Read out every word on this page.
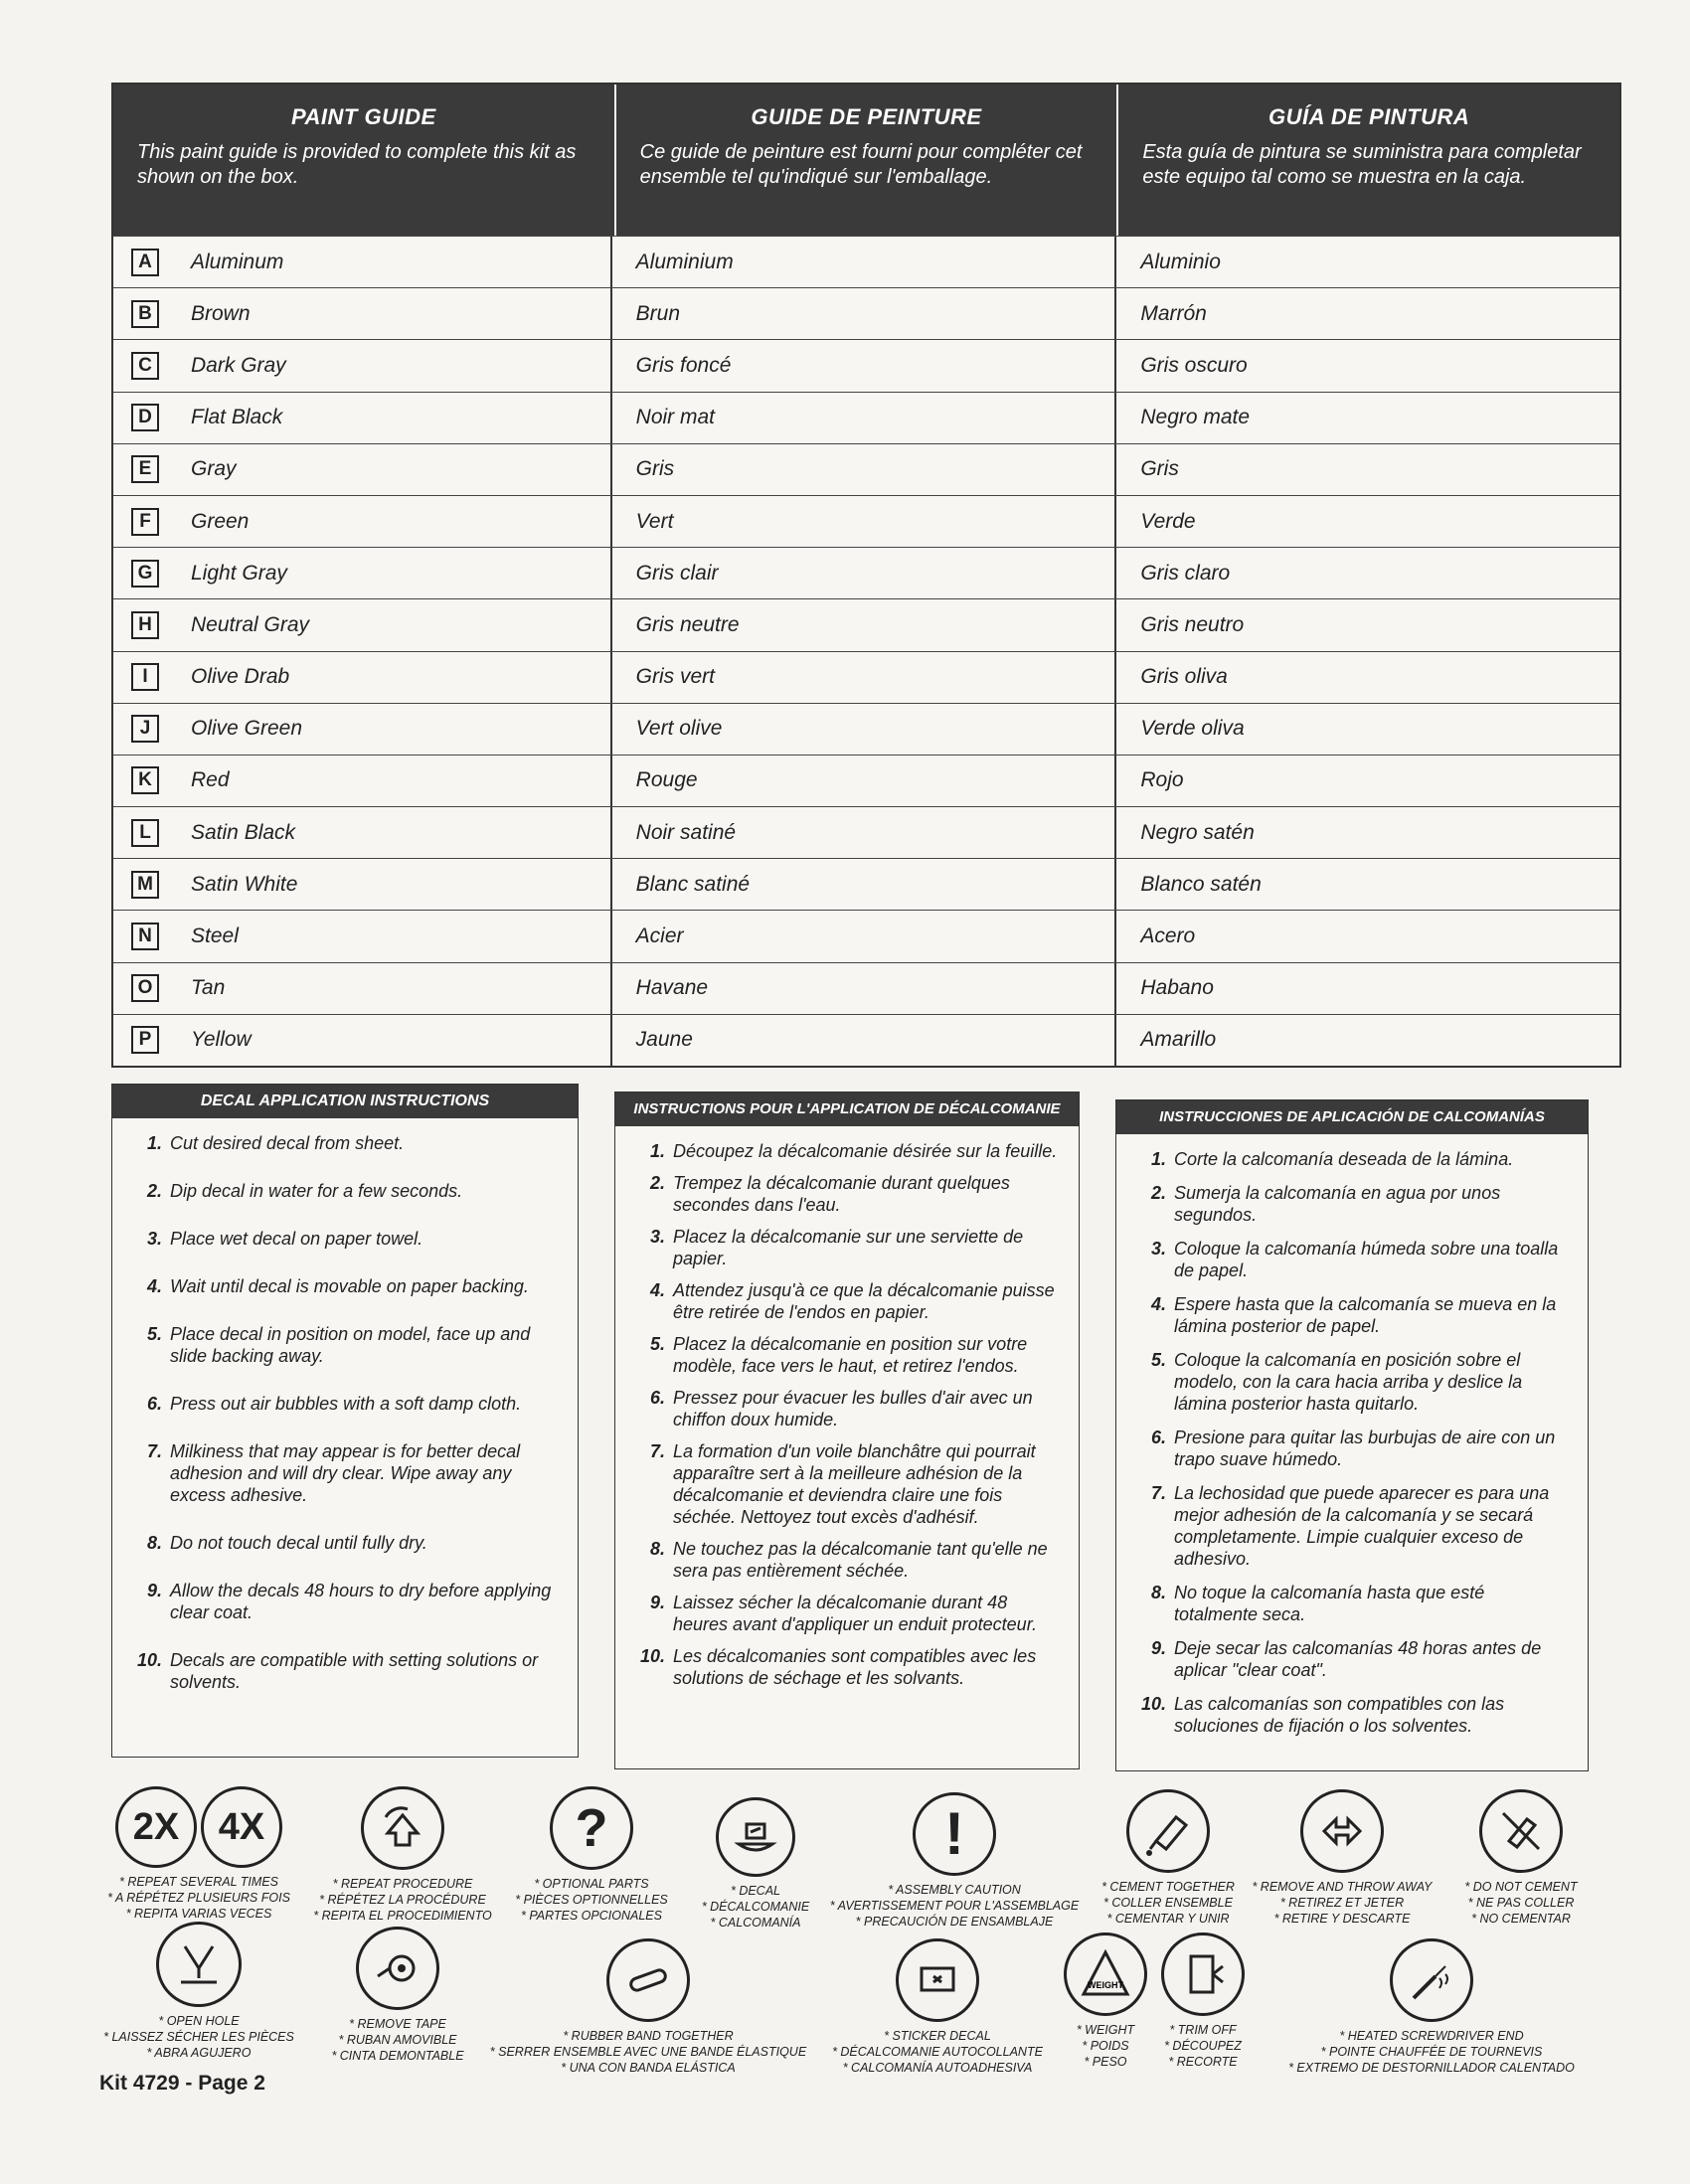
PAINT GUIDE

This paint guide is provided to complete this kit as shown on the box.

GUIDE DE PEINTURE

Ce guide de peinture est fourni pour compléter cet ensemble tel qu'indiqué sur l'emballage.

GUÍA DE PINTURA

Esta guía de pintura se suministra para completar este equipo tal como se muestra en la caja.

A	Aluminum	Aluminium	Aluminio
B	Brown	Brun	Marrón
C	Dark Gray	Gris foncé	Gris oscuro
D	Flat Black	Noir mat	Negro mate
E	Gray	Gris	Gris
F	Green	Vert	Verde
G	Light Gray	Gris clair	Gris claro
H	Neutral Gray	Gris neutre	Gris neutro
I	Olive Drab	Gris vert	Gris oliva
J	Olive Green	Vert olive	Verde oliva
K	Red	Rouge	Rojo
L	Satin Black	Noir satiné	Negro satén
M Satin White	Blanc satiné	Blanco satén
N	Steel	Acier	Acero
O	Tan	Havane	Habano
P	Yellow	Jaune	Amarillo
DECAL APPLICATION INSTRUCTIONS
1. Cut desired decal from sheet.
2. Dip decal in water for a few seconds.
3. Place wet decal on paper towel.
4. Wait until decal is movable on paper backing.
5. Place decal in position on model, face up and slide backing away.
6. Press out air bubbles with a soft damp cloth.
7. Milkiness that may appear is for better decal adhesion and will dry clear. Wipe away any excess adhesive.
8. Do not touch decal until fully dry.
9. Allow the decals 48 hours to dry before applying clear coat.
10. Decals are compatible with setting solutions or solvents.
INSTRUCTIONS POUR L'APPLICATION DE DÉCALCOMANIE
1. Découpez la décalcomanie désirée sur la feuille.
2. Trempez la décalcomanie durant quelques secondes dans l'eau.
3. Placez la décalcomanie sur une serviette de papier.
4. Attendez jusqu'à ce que la décalcomanie puisse être retirée de l'endos en papier.
5. Placez la décalcomanie en position sur votre modèle, face vers le haut, et retirez l'endos.
6. Pressez pour évacuer les bulles d'air avec un chiffon doux humide.
7. La formation d'un voile blanchâtre qui pourrait apparaître sert à la meilleure adhésion de la décalcomanie et deviendra claire une fois séchée. Nettoyez tout excès d'adhésif.
8. Ne touchez pas la décalcomanie tant qu'elle ne sera pas entièrement séchée.
9. Laissez sécher la décalcomanie durant 48 heures avant d'appliquer un enduit protecteur.
10. Les décalcomanies sont compatibles avec les solutions de séchage et les solvants.
INSTRUCCIONES DE APLICACIÓN DE CALCOMANÍAS
1. Corte la calcomanía deseada de la lámina.
2. Sumerja la calcomanía en agua por unos segundos.
3. Coloque la calcomanía húmeda sobre una toalla de papel.
4. Espere hasta que la calcomanía se mueva en la lámina posterior de papel.
5. Coloque la calcomanía en posición sobre el modelo, con la cara hacia arriba y deslice la lámina posterior hasta quitarlo.
6. Presione para quitar las burbujas de aire con un trapo suave húmedo.
7. La lechosidad que puede aparecer es para una mejor adhesión de la calcomanía y se secará completamente. Limpie cualquier exceso de adhesivo.
8. No toque la calcomanía hasta que esté totalmente seca.
9. Deje secar las calcomanías 48 horas antes de aplicar "clear coat".
10. Las calcomanías son compatibles con las soluciones de fijación o los solventes.
2X	4X
* REPEAT SEVERAL TIMES
* A RÉPÉTEZ PLUSIEURS FOIS
* REPITA VARIAS VECES
* REPEAT PROCEDURE
* RÉPÉTEZ LA PROCÉDURE
* REPITA EL PROCEDIMIENTO
?
* OPTIONAL PARTS
* PIÈCES OPTIONNELLES
* PARTES OPCIONALES
* DECAL
* DÉCALCOMANIE
* CALCOMANÍA
!
* ASSEMBLY CAUTION
* AVERTISSEMENT POUR L'ASSEMBLAGE
* PRECAUCIÓN DE ENSAMBLAJE
* CEMENT TOGETHER
* COLLER ENSEMBLE
* CEMENTAR Y UNIR
* REMOVE AND THROW AWAY
* RETIREZ ET JETER
* RETIRE Y DESCARTE
* DO NOT CEMENT
* NE PAS COLLER
* NO CEMENTAR
* OPEN HOLE
* LAISSEZ SÉCHER LES PIÈCES
* ABRA AGUJERO
* REMOVE TAPE
* RUBAN AMOVIBLE
* CINTA DEMONTABLE
* RUBBER BAND TOGETHER
* SERRER ENSEMBLE AVEC UNE BANDE ÉLASTIQUE
* UNA CON BANDA ELÁSTICA
* STICKER DECAL
* DÉCALCOMANIE AUTOCOLLANTE
* CALCOMANÍA AUTOADHESIVA
WEIGHT
* WEIGHT
* POIDS
* PESO
* TRIM OFF
* DÉCOUPEZ
* RECORTE
* HEATED SCREWDRIVER END
* POINTE CHAUFFÉE DE TOURNEVIS
* EXTREMO DE DESTORNILLADOR CALENTADO
Kit 4729 - Page 2
